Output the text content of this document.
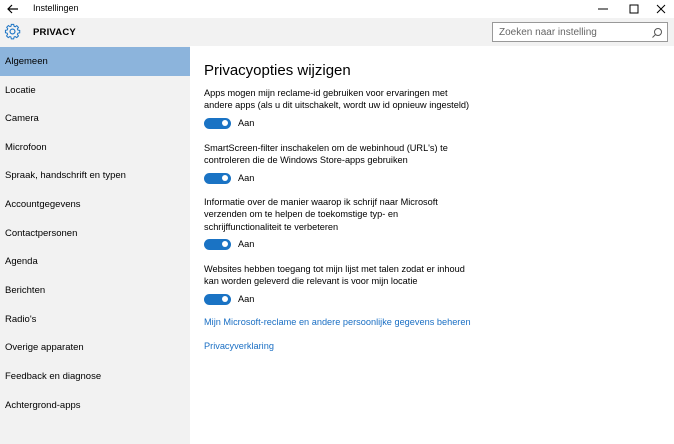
Instellingen
PRIVACY
Zoeken naar instelling
Algemeen
Locatie
Camera
Microfoon
Spraak, handschrift en typen
Accountgegevens
Contactpersonen
Agenda
Berichten
Radio's
Overige apparaten
Feedback en diagnose
Achtergrond-apps
Privacyopties wijzigen
Apps mogen mijn reclame-id gebruiken voor ervaringen met
andere apps (als u dit uitschakelt, wordt uw id opnieuw ingesteld)
Aan
SmartScreen-filter inschakelen om de webinhoud (URL's) te
controleren die de Windows Store-apps gebruiken
Aan
Informatie over de manier waarop ik schrijf naar Microsoft
verzenden om te helpen de toekomstige typ- en
schrijffunctionaliteit te verbeteren
Aan
Websites hebben toegang tot mijn lijst met talen zodat er inhoud
kan worden geleverd die relevant is voor mijn locatie
Aan
Mijn Microsoft-reclame en andere persoonlijke gegevens beheren
Privacyverklaring
